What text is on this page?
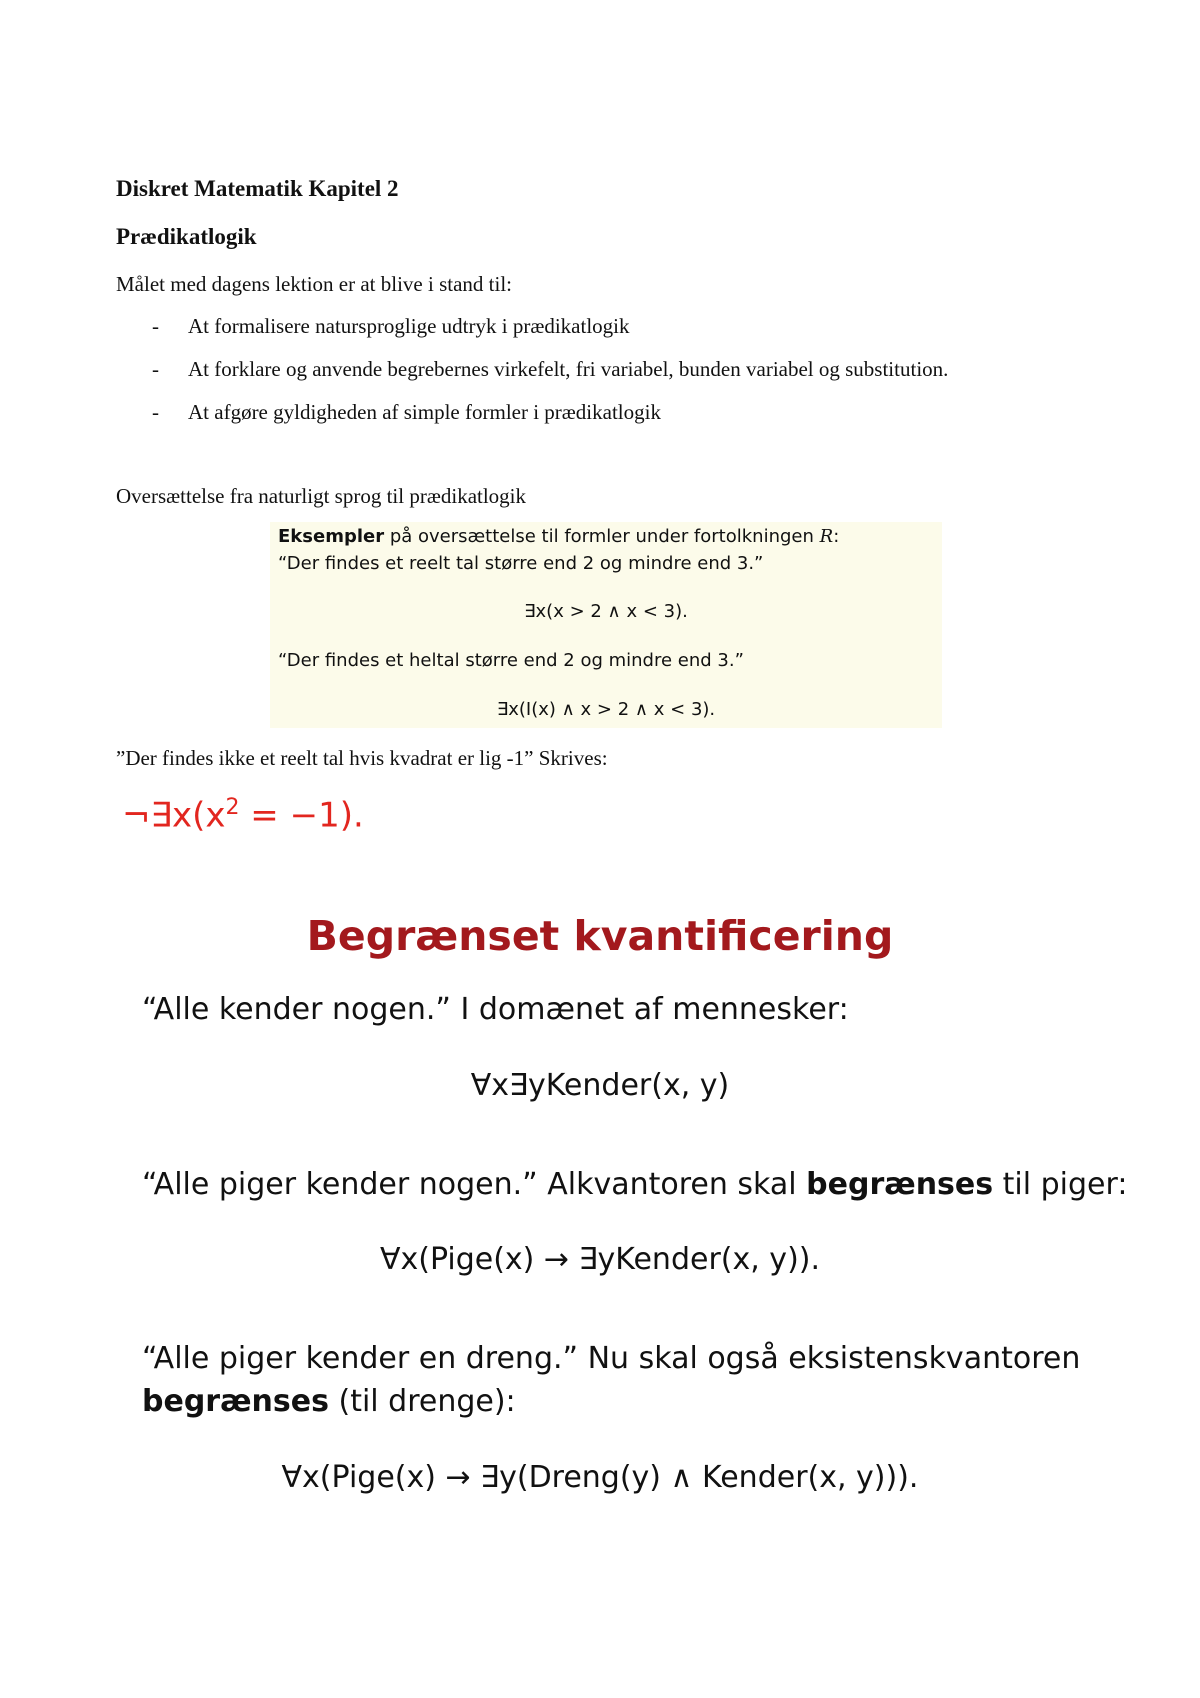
Diskret Matematik Kapitel 2
Prædikatlogik
Målet med dagens lektion er at blive i stand til:
- At formalisere natursproglige udtryk i prædikatlogik
- At forklare og anvende begrebernes virkefelt, fri variabel, bunden variabel og substitution.
- At afgøre gyldigheden af simple formler i prædikatlogik
Oversættelse fra naturligt sprog til prædikatlogik
Eksempler på oversættelse til formler under fortolkningen R:
“Der findes et reelt tal større end 2 og mindre end 3.”
∃x(x > 2 ∧ x < 3).
“Der findes et heltal større end 2 og mindre end 3.”
∃x(I(x) ∧ x > 2 ∧ x < 3).
”Der findes ikke et reelt tal hvis kvadrat er lig -1” Skrives:
$\neg\exists x(x^2 = -1)$.
Begrænset kvantificering
“Alle kender nogen.” I domænet af mennesker:
∀x∃yKender(x, y)
“Alle piger kender nogen.” Alkvantoren skal begrænses til piger:
∀x(Pige(x) → ∃yKender(x, y)).
“Alle piger kender en dreng.” Nu skal også eksistenskvantoren
begrænses (til drenge):
∀x(Pige(x) → ∃y(Dreng(y) ∧ Kender(x, y))).
